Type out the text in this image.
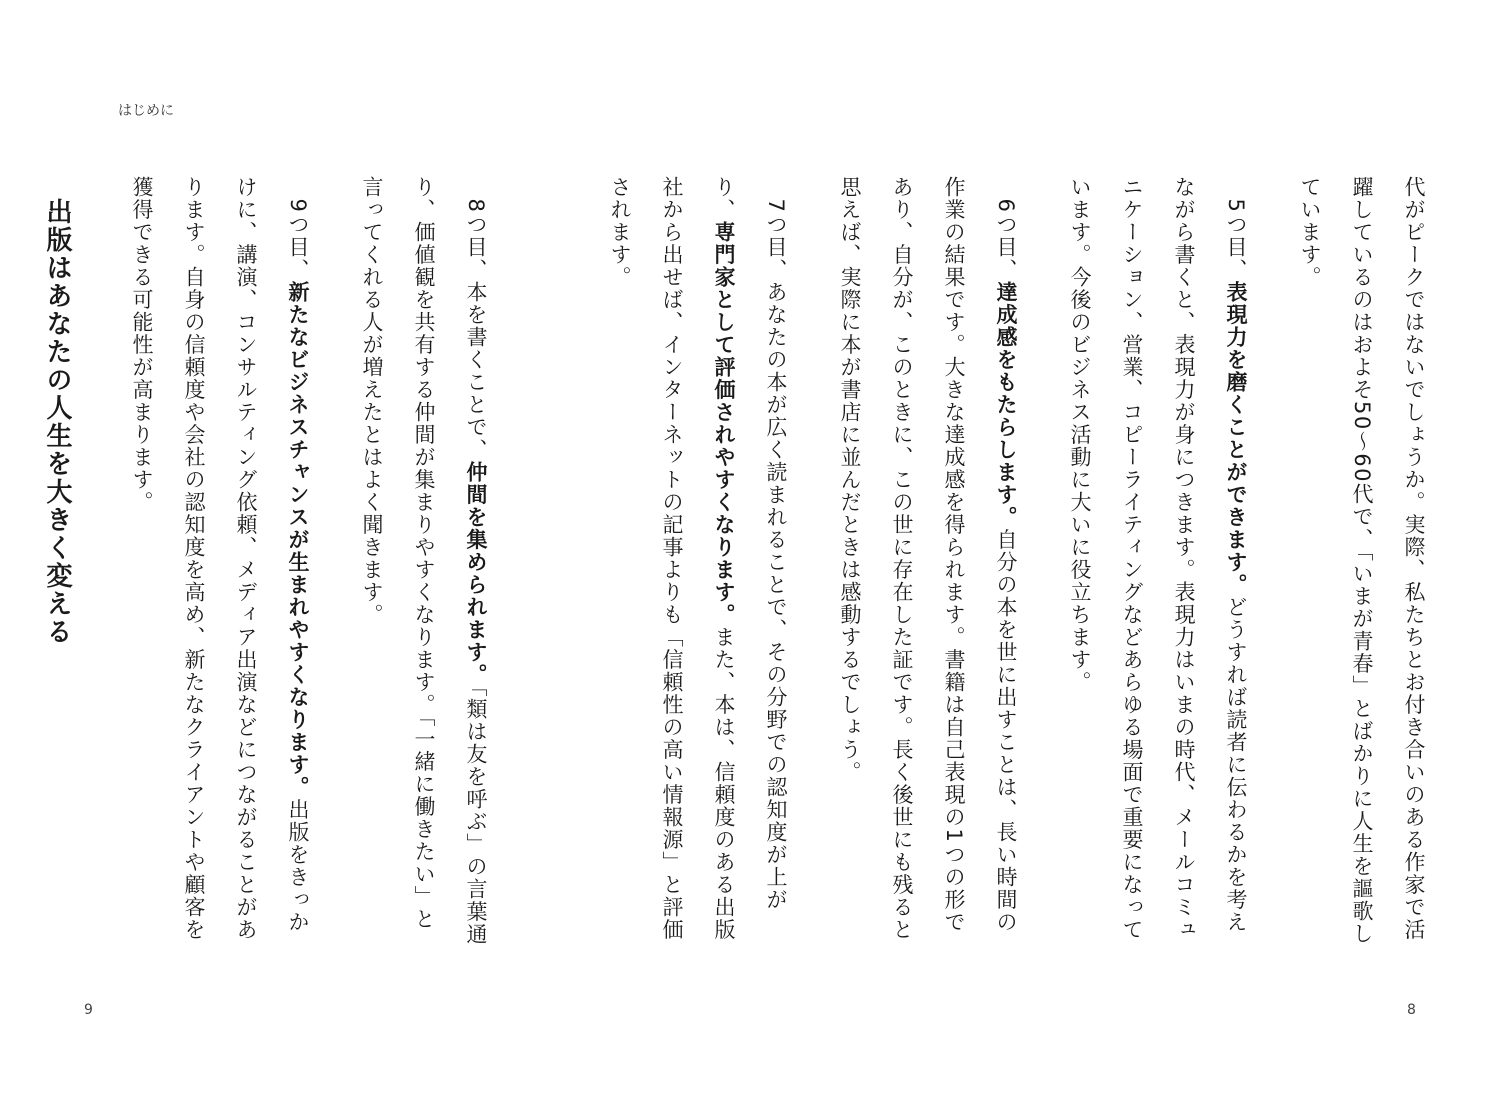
はじめに

代がピークではないでしょうか。実際、私たちとお付き合いのある作家で活躍しているのはおよそ50～60代で、「いまが青春」とばかりに人生を謳歌しています。

　5つ目、表現力を磨くことができます。どうすれば読者に伝わるかを考えながら書くと、表現力が身につきます。表現力はいまの時代、メールコミュニケーション、営業、コピーライティングなどあらゆる場面で重要になっています。今後のビジネス活動に大いに役立ちます。

　6つ目、達成感をもたらします。自分の本を世に出すことは、長い時間の作業の結果です。大きな達成感を得られます。書籍は自己表現の1つの形であり、自分が、このときに、この世に存在した証です。長く後世にも残ると思えば、実際に本が書店に並んだときは感動するでしょう。

　7つ目、あなたの本が広く読まれることで、その分野での認知度が上がり、専門家として評価されやすくなります。また、本は、信頼度のある出版社から出せば、インターネットの記事よりも「信頼性の高い情報源」と評価されます。

　8つ目、本を書くことで、仲間を集められます。「類は友を呼ぶ」の言葉通り、価値観を共有する仲間が集まりやすくなります。「一緒に働きたい」と言ってくれる人が増えたとはよく聞きます。

　9つ目、新たなビジネスチャンスが生まれやすくなります。出版をきっかけに、講演、コンサルティング依頼、メディア出演などにつながることがあります。自身の信頼度や会社の認知度を高め、新たなクライアントや顧客を獲得できる可能性が高まります。

出版はあなたの人生を大きく変える

9	8
